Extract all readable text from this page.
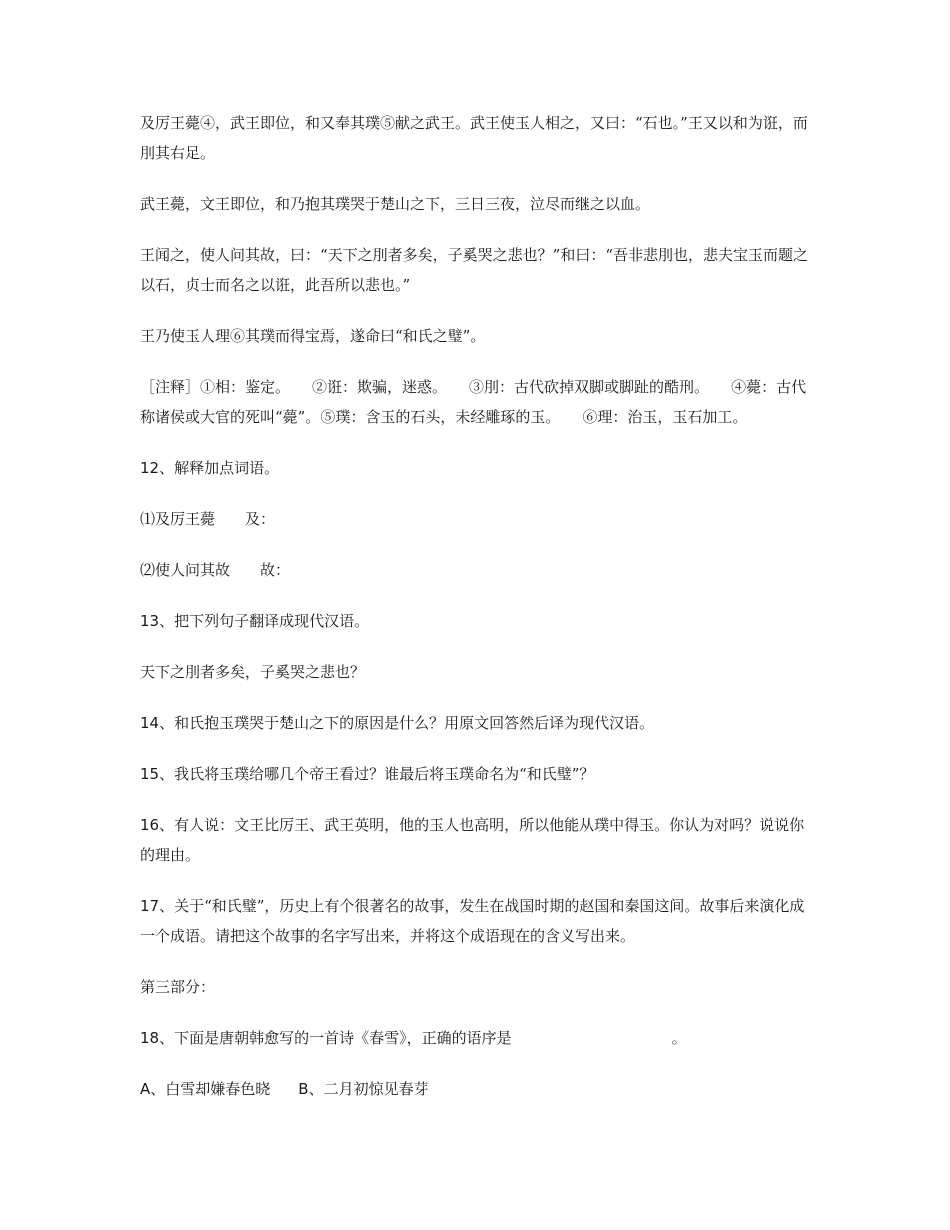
及厉王薨④，武王即位，和又奉其璞⑤献之武王。武王使玉人相之，又曰：“石也。”王又以和为诳，而刖其右足。

武王薨，文王即位，和乃抱其璞哭于楚山之下，三日三夜，泣尽而继之以血。

王闻之，使人问其故，曰：“天下之刖者多矣，子奚哭之悲也？”和曰：“吾非悲刖也，悲夫宝玉而题之以石，贞士而名之以诳，此吾所以悲也。”

王乃使玉人理⑥其璞而得宝焉，遂命曰“和氏之璧”。

［注释］①相：鉴定。 ②诳：欺骗，迷惑。 ③刖：古代砍掉双脚或脚趾的酷刑。 ④薨：古代称诸侯或大官的死叫“薨”。⑤璞：含玉的石头，未经雕琢的玉。 ⑥理：治玉，玉石加工。

12、解释加点词语。

⑴及厉王薨 及：

⑵使人问其故 故：

13、把下列句子翻译成现代汉语。

天下之刖者多矣，子奚哭之悲也？

14、和氏抱玉璞哭于楚山之下的原因是什么？用原文回答然后译为现代汉语。

15、我氏将玉璞给哪几个帝王看过？谁最后将玉璞命名为“和氏璧”？

16、有人说：文王比厉王、武王英明，他的玉人也高明，所以他能从璞中得玉。你认为对吗？说说你的理由。

17、关于“和氏璧”，历史上有个很著名的故事，发生在战国时期的赵国和秦国这间。故事后来演化成一个成语。请把这个故事的名字写出来，并将这个成语现在的含义写出来。

第三部分：

18、下面是唐朝韩愈写的一首诗《春雪》，正确的语序是	。

A、白雪却嫌春色晓 B、二月初惊见春芽
